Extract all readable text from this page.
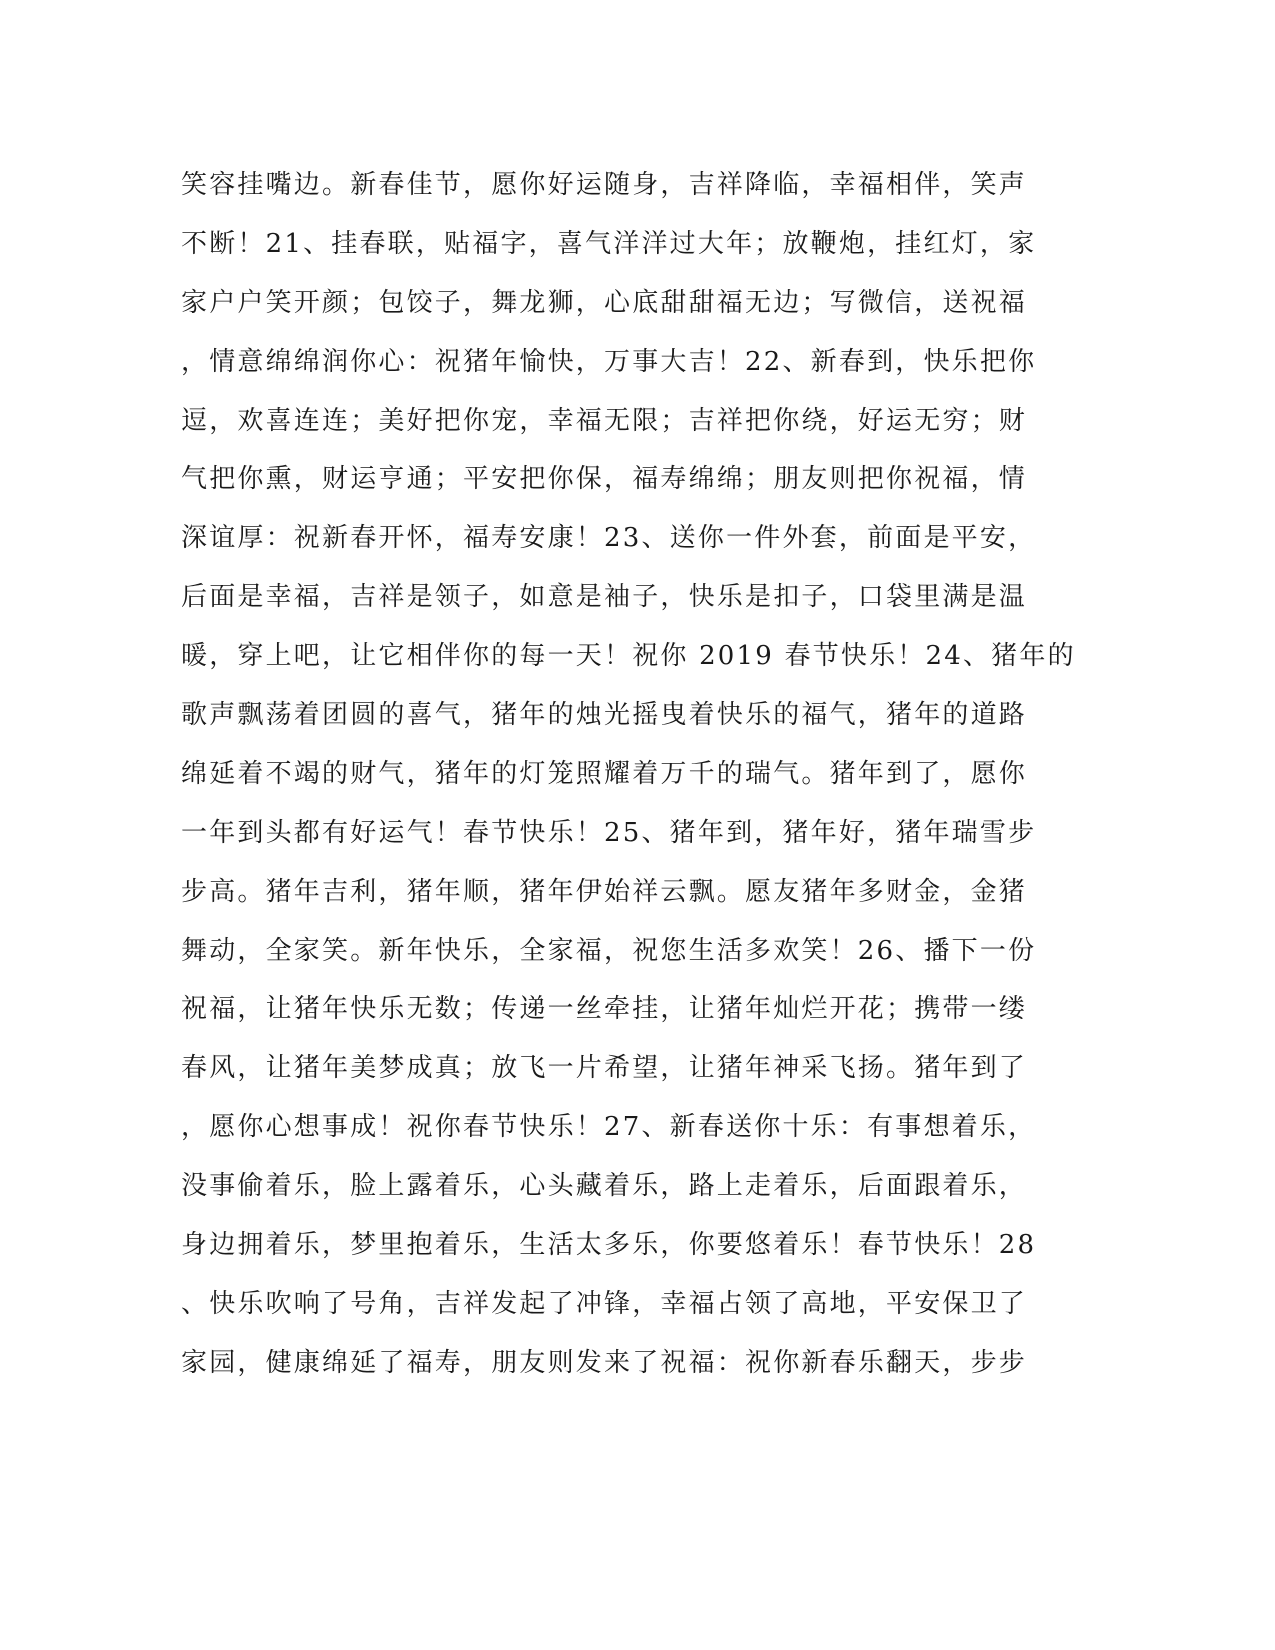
笑容挂嘴边。新春佳节，愿你好运随身，吉祥降临，幸福相伴，笑声
不断！21、挂春联，贴福字，喜气洋洋过大年；放鞭炮，挂红灯，家
家户户笑开颜；包饺子，舞龙狮，心底甜甜福无边；写微信，送祝福
，情意绵绵润你心：祝猪年愉快，万事大吉！22、新春到，快乐把你
逗，欢喜连连；美好把你宠，幸福无限；吉祥把你绕，好运无穷；财
气把你熏，财运亨通；平安把你保，福寿绵绵；朋友则把你祝福，情
深谊厚：祝新春开怀，福寿安康！23、送你一件外套，前面是平安，
后面是幸福，吉祥是领子，如意是袖子，快乐是扣子，口袋里满是温
暖，穿上吧，让它相伴你的每一天！祝你 2019 春节快乐！24、猪年的
歌声飘荡着团圆的喜气，猪年的烛光摇曳着快乐的福气，猪年的道路
绵延着不竭的财气，猪年的灯笼照耀着万千的瑞气。猪年到了，愿你
一年到头都有好运气！春节快乐！25、猪年到，猪年好，猪年瑞雪步
步高。猪年吉利，猪年顺，猪年伊始祥云飘。愿友猪年多财金，金猪
舞动，全家笑。新年快乐，全家福，祝您生活多欢笑！26、播下一份
祝福，让猪年快乐无数；传递一丝牵挂，让猪年灿烂开花；携带一缕
春风，让猪年美梦成真；放飞一片希望，让猪年神采飞扬。猪年到了
，愿你心想事成！祝你春节快乐！27、新春送你十乐：有事想着乐，
没事偷着乐，脸上露着乐，心头藏着乐，路上走着乐，后面跟着乐，
身边拥着乐，梦里抱着乐，生活太多乐，你要悠着乐！春节快乐！28
、快乐吹响了号角，吉祥发起了冲锋，幸福占领了高地，平安保卫了
家园，健康绵延了福寿，朋友则发来了祝福：祝你新春乐翻天，步步
